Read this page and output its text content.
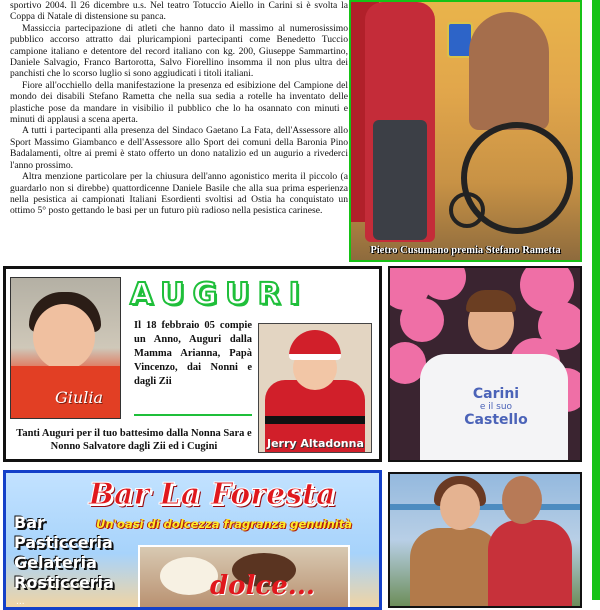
sportivo 2004. Il 26 dicembre u.s. Nel teatro Totuccio Aiello in Carini si è svolta la Coppa di Natale di distensione su panca.

Massiccia partecipazione di atleti che hanno dato il massimo al numerosissimo pubblico accorso attratto dai pluricampioni partecipanti come Benedetto Tuccio campione italiano e detentore del record italiano con kg. 200, Giuseppe Sammartino, Daniele Salvagio, Franco Bartorotta, Salvo Fiorellino insomma il non plus ultra dei panchisti che lo scorso luglio si sono aggiudicati i titoli italiani.

Fiore all'occhiello della manifestazione la presenza ed esibizione del Campione del mondo dei disabili Stefano Rametta che nella sua sedia a rotelle ha inventato delle plastiche pose da mandare in visibilio il pubblico che lo ha osannato con minuti e minuti di applausi a scena aperta.

A tutti i partecipanti alla presenza del Sindaco Gaetano La Fata, dell'Assessore allo Sport Massimo Giambanco e dell'Assessore allo Sport dei comuni della Baronia Pino Badalamenti, oltre ai premi è stato offerto un dono natalizio ed un augurio a rivederci l'anno prossimo.

Altra menzione particolare per la chiusura dell'anno agonistico merita il piccolo (a guardarlo non si direbbe) quattordicenne Daniele Basile che alla sua prima esperienza nella pesistica ai campionati Italiani Esordienti svoltisi ad Ostia ha conquistato un ottimo 5° posto gettando le basi per un futuro più radioso nella pesistica carinese.

Pietro Cusumano premia Stefano Rametta
Giulia
AUGURI
Il 18 febbraio 05 compie un Anno, Auguri dalla Mamma Arianna, Papà Vincenzo, dai Nonni e dagli Zii
Jerry Altadonna
Tanti Auguri per il tuo battesimo dalla Nonna Sara e Nonno Salvatore dagli Zii ed i Cugini
Carini
e il suo
Castello
Bar La Foresta
Un'oasi di dolcezza fragranza genuinità
Bar
Pasticceria
Gelateria
Rosticceria	dolce...
...
